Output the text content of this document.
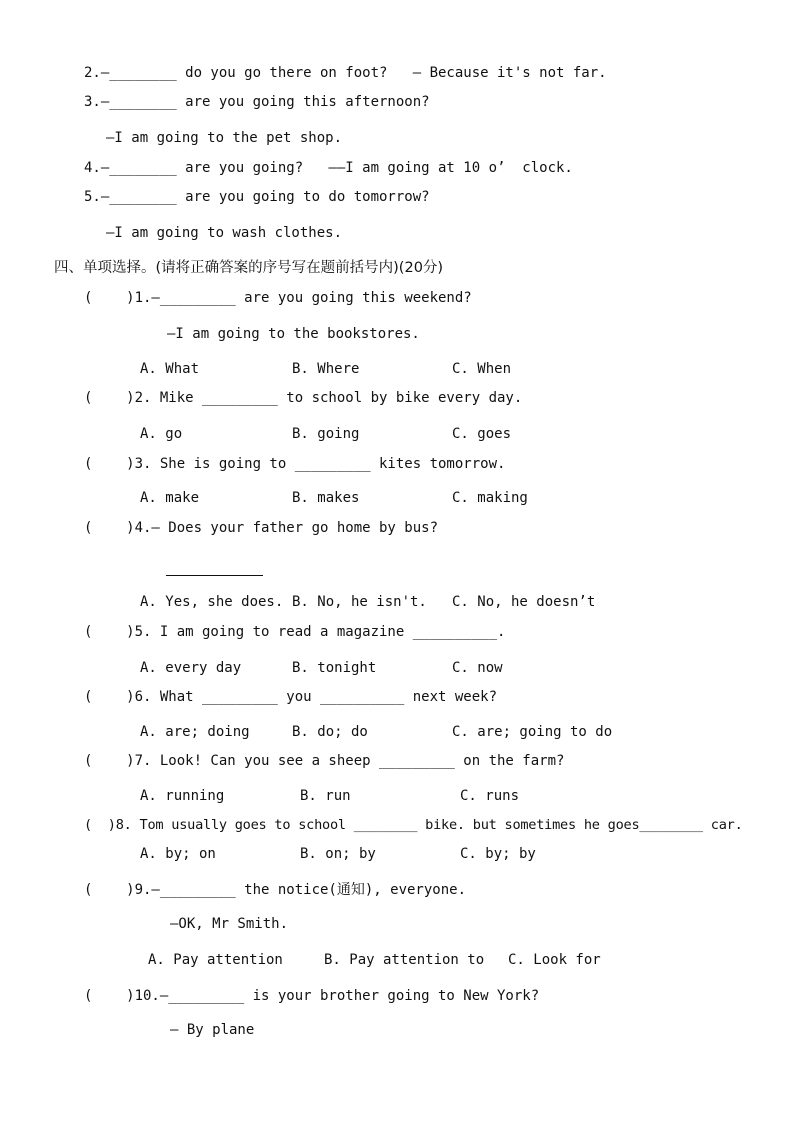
2.—________ do you go there on foot?   — Because it's not far.
3.—________ are you going this afternoon?
—I am going to the pet shop.
4.—________ are you going?   ——I am going at 10 o’  clock.
5.—________ are you going to do tomorrow?
—I am going to wash clothes.
四、单项选择。(请将正确答案的序号写在题前括号内)(20分)
(    )1.—_________ are you going this weekend?
—I am going to the bookstores.
A. What	B. Where	C. When
(    )2. Mike _________ to school by bike every day.
A. go	B. going	C. goes
(    )3. She is going to _________ kites tomorrow.
A. make	B. makes	C. making
(    )4.— Does your father go home by bus?
A. Yes, she does. B. No, he isn't. C. No, he doesn’t
(    )5. I am going to read a magazine __________.
A. every day	B. tonight	C. now
(    )6. What _________ you __________ next week?
A. are; doing	B. do; do	C. are; going to do
(    )7. Look! Can you see a sheep _________ on the farm?
A. running	B. run	C. runs
(  )8. Tom usually goes to school ________ bike. but sometimes he goes________ car.
A. by; on	B. on; by	C. by; by
(    )9.—_________ the notice(通知), everyone.
—OK, Mr Smith.
A. Pay attention	B. Pay attention to C. Look for
(    )10.—_________ is your brother going to New York?
— By plane
